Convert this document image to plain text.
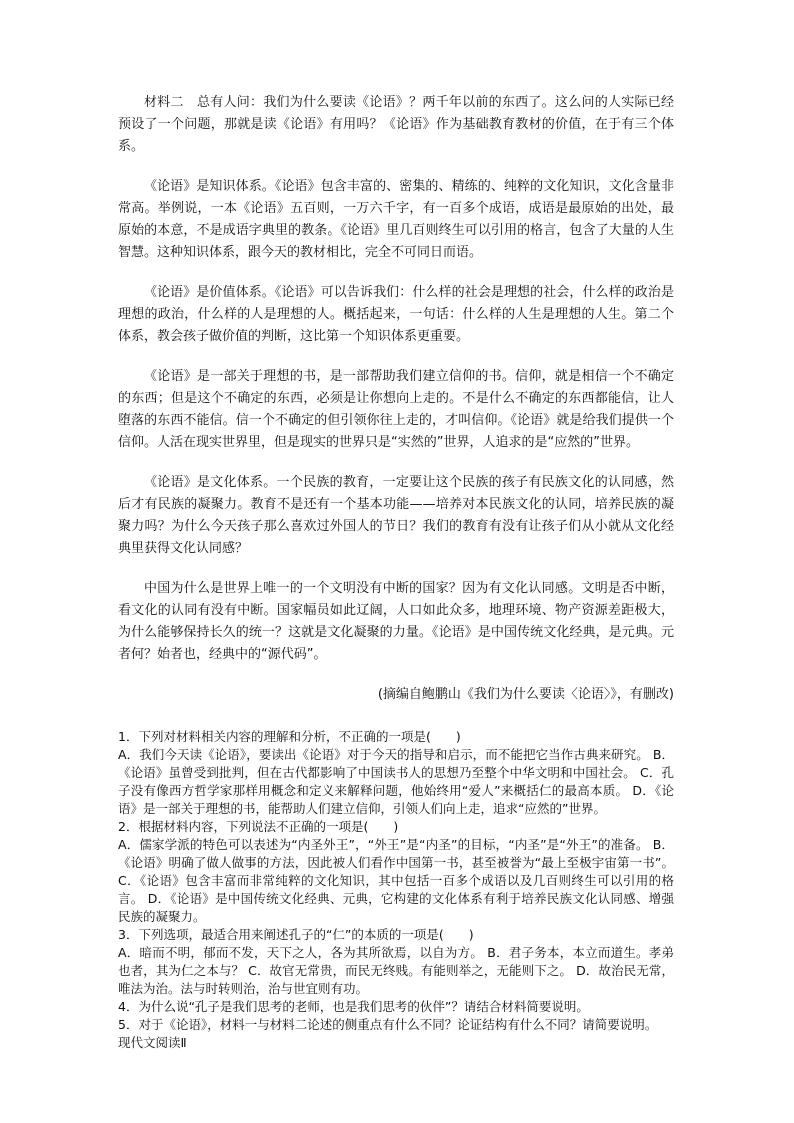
材料二　总有人问：我们为什么要读《论语》？两千年以前的东西了。这么问的人实际已经预设了一个问题，那就是读《论语》有用吗？《论语》作为基础教育教材的价值，在于有三个体系。

《论语》是知识体系。《论语》包含丰富的、密集的、精练的、纯粹的文化知识，文化含量非常高。举例说，一本《论语》五百则，一万六千字，有一百多个成语，成语是最原始的出处，最原始的本意，不是成语字典里的教条。《论语》里几百则终生可以引用的格言，包含了大量的人生智慧。这种知识体系，跟今天的教材相比，完全不可同日而语。

《论语》是价值体系。《论语》可以告诉我们：什么样的社会是理想的社会，什么样的政治是理想的政治，什么样的人是理想的人。概括起来，一句话：什么样的人生是理想的人生。第二个体系，教会孩子做价值的判断，这比第一个知识体系更重要。

《论语》是一部关于理想的书，是一部帮助我们建立信仰的书。信仰，就是相信一个不确定的东西；但是这个不确定的东西，必须是让你想向上走的。不是什么不确定的东西都能信，让人堕落的东西不能信。信一个不确定的但引领你往上走的，才叫信仰。《论语》就是给我们提供一个信仰。人活在现实世界里，但是现实的世界只是“实然的”世界，人追求的是“应然的”世界。

《论语》是文化体系。一个民族的教育，一定要让这个民族的孩子有民族文化的认同感，然后才有民族的凝聚力。教育不是还有一个基本功能——培养对本民族文化的认同，培养民族的凝聚力吗？为什么今天孩子那么喜欢过外国人的节日？我们的教育有没有让孩子们从小就从文化经典里获得文化认同感？

中国为什么是世界上唯一的一个文明没有中断的国家？因为有文化认同感。文明是否中断，看文化的认同有没有中断。国家幅员如此辽阔，人口如此众多，地理环境、物产资源差距极大，为什么能够保持长久的统一？这就是文化凝聚的力量。《论语》是中国传统文化经典，是元典。元者何？始者也，经典中的“源代码”。

(摘编自鲍鹏山《我们为什么要读〈论语〉》，有删改)

1．下列对材料相关内容的理解和分析，不正确的一项是(　　)

A．我们今天读《论语》，要读出《论语》对于今天的指导和启示，而不能把它当作古典来研究。 B．《论语》虽曾受到批判，但在古代都影响了中国读书人的思想乃至整个中华文明和中国社会。 C．孔子没有像西方哲学家那样用概念和定义来解释问题，他始终用“爱人”来概括仁的最高本质。 D．《论语》是一部关于理想的书，能帮助人们建立信仰，引领人们向上走，追求“应然的”世界。

2．根据材料内容，下列说法不正确的一项是(　　)

A．儒家学派的特色可以表述为“内圣外王”，“外王”是“内圣”的目标，“内圣”是“外王”的准备。 B．《论语》明确了做人做事的方法，因此被人们看作中国第一书，甚至被誉为“最上至极宇宙第一书”。 C．《论语》包含丰富而非常纯粹的文化知识，其中包括一百多个成语以及几百则终生可以引用的格言。 D．《论语》是中国传统文化经典、元典，它构建的文化体系有利于培养民族文化认同感、增强民族的凝聚力。

3．下列选项，最适合用来阐述孔子的“仁”的本质的一项是(　　)

A．暗而不明，郁而不发，天下之人，各为其所欲焉，以自为方。 B．君子务本，本立而道生。孝弟也者，其为仁之本与？ C．故官无常贵，而民无终贱。有能则举之，无能则下之。 D．故治民无常，唯法为治。法与时转则治，治与世宜则有功。

4．为什么说“孔子是我们思考的老师，也是我们思考的伙伴”？请结合材料简要说明。

5．对于《论语》，材料一与材料二论述的侧重点有什么不同？论证结构有什么不同？请简要说明。

现代文阅读Ⅱ
